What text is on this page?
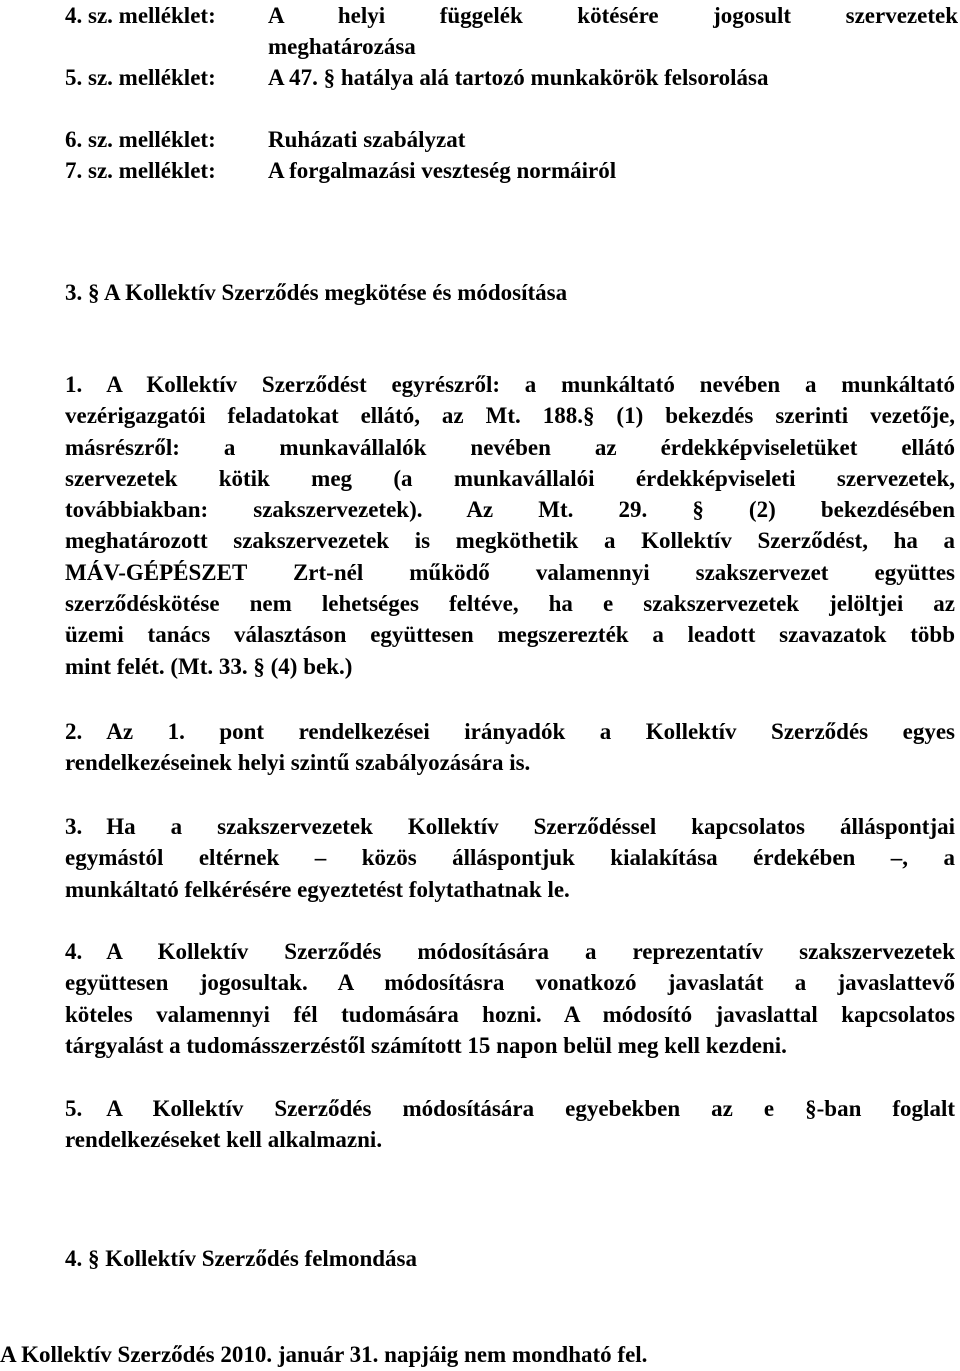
4. sz. melléklet: A helyi függelék kötésére jogosult szervezetek
meghatározása
5. sz. melléklet: A 47. § hatálya alá tartozó munkakörök felsorolása
6. sz. melléklet: Ruházati szabályzat
7. sz. melléklet: A forgalmazási veszteség normáiról
3. § A Kollektív Szerződés megkötése és módosítása
1. A Kollektív Szerződést egyrészről: a munkáltató nevében a munkáltató
vezérigazgatói feladatokat ellátó, az Mt. 188.§ (1) bekezdés szerinti vezetője,
másrészről: a munkavállalók nevében az érdekképviseletüket ellátó
szervezetek kötik meg (a munkavállalói érdekképviseleti szervezetek,
továbbiakban: szakszervezetek). Az Mt. 29. § (2) bekezdésében
meghatározott szakszervezetek is megköthetik a Kollektív Szerződést, ha a
MÁV-GÉPÉSZET Zrt-nél működő valamennyi szakszervezet együttes
szerződéskötése nem lehetséges feltéve, ha e szakszervezetek jelöltjei az
üzemi tanács választáson együttesen megszerezték a leadott szavazatok több
mint felét. (Mt. 33. § (4) bek.)
2. Az 1. pont rendelkezései irányadók a Kollektív Szerződés egyes
rendelkezéseinek helyi szintű szabályozására is.
3. Ha a szakszervezetek Kollektív Szerződéssel kapcsolatos álláspontjai
egymástól eltérnek – közös álláspontjuk kialakítása érdekében –, a
munkáltató felkérésére egyeztetést folytathatnak le.
4. A Kollektív Szerződés módosítására a reprezentatív szakszervezetek
együttesen jogosultak. A módosításra vonatkozó javaslatát a javaslattevő
köteles valamennyi fél tudomására hozni. A módosító javaslattal kapcsolatos
tárgyalást a tudomásszerzéstől számított 15 napon belül meg kell kezdeni.
5. A Kollektív Szerződés módosítására egyebekben az e §-ban foglalt
rendelkezéseket kell alkalmazni.
4. § Kollektív Szerződés felmondása
A Kollektív Szerződés 2010. január 31. napjáig nem mondható fel.
